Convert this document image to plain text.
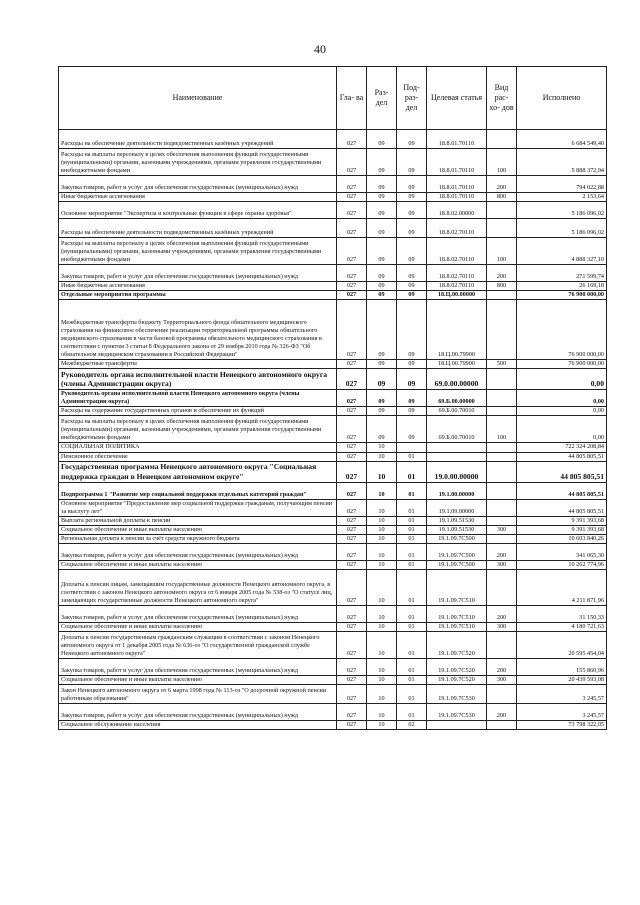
40
Наименование	Гла- ва	Раз- дел	Под- раз- дел	Целевая статья	Вид рас- хо- дов	Исполнено
Расходы на обеспечение деятельности подведомственных казённых учреждений	027	09	09	18.8.01.70110		6 684 549,40
Расходы на выплаты персоналу в целях обеспечения выполнения функций государственными (муниципальными) органами, казенными учреждениями, органами управления государственными внебюджетными фондами	027	09	09	18.8.01.70110	100	5 888 372,94
Закупка товаров, работ и услуг для обеспечения государственных (муниципальных) нужд	027	09	09	18.8.01.70110	200	794 022,88
Иные бюджетные ассигнования	027	09	09	18.8.01.70110	800	2 153,64
Основное мероприятие "Экспертиза и контрольные функции в сфере охраны здоровья"	027	09	09	18.8.02.00000		5 186 096,02
Расходы на обеспечение деятельности подведомственных казённых учреждений	027	09	09	18.8.02.70110		5 186 096,02
Расходы на выплаты персоналу в целях обеспечения выполнения функций государственными (муниципальными) органами, казенными учреждениями, органами управления государственными внебюджетными фондами	027	09	09	18.8.02.70110	100	4 888 327,10
Закупка товаров, работ и услуг для обеспечения государственных (муниципальных) нужд	027	09	09	18.8.02.70110	200	271 599,74
Иные бюджетные ассигнования	027	09	09	18.8.02.70110	800	26 169,18
Отдельные мероприятия программы	027	09	09	18.Ц.00.00000		76 900 000,00
Межбюджетные трансферты бюджету Территориального фонда обязательного медицинского страхования на финансовое обеспечение реализации территориальной программы обязательного медицинского страхования в части базовой программы обязательного медицинского страхования в соответствии с пунктом 3 статьи 8 Федерального закона от 29 ноября 2010 года № 326-ФЗ "Об обязательном медицинском страховании в Российской Федерации"	027	09	09	18.Ц.00.79900		76 900 000,00
Межбюджетные трансферты	027	09	09	18.Ц.00.79900	500	76 900 000,00
Руководитель органа исполнительной власти Ненецкого автономного округа (члены Администрации округа)	027	09	09	69.0.00.00000		0,00
Руководитель органа исполнительной власти Ненецкого автономного округа (члены Администрации округа)	027	09	09	69.Б.00.00000		0,00
Расходы на содержание государственных органов и обеспечение их функций	027	09	09	69.Б.00.70010		0,00
Расходы на выплаты персоналу в целях обеспечения выполнения функций государственными (муниципальными) органами, казенными учреждениями, органами управления государственными внебюджетными фондами	027	09	09	69.Б.00.70010	100	0,00
СОЦИАЛЬНАЯ ПОЛИТИКА	027	10				722 324 208,84
Пенсионное обеспечение	027	10	01			44 805 805,51
Государственная программа Ненецкого автономного округа "Социальная поддержка граждан в Ненецком автономном округе"	027	10	01	19.0.00.00000		44 805 805,51
Подпрограмма 1 "Развитие мер социальной поддержки отдельных категорий граждан"	027	10	01	19.1.00.00000		44 805 805,51
Основное мероприятие "Предоставление мер социальной поддержки гражданам, получающим пенсии за выслугу лет"	027	10	01	19.1.09.00000		44 805 805,51
Выплата региональной доплаты к пенсии	027	10	01	19.1.09.51530		9 391 393,68
Социальное обеспечение и иные выплаты населению	027	10	01	19.1.09.51530	300	9 391 393,68
Региональная доплата к пенсии за счёт средств окружного бюджета	027	10	01	19.1.09.7С500		10 603 840,26
Закупка товаров, работ и услуг для обеспечения государственных (муниципальных) нужд	027	10	01	19.1.09.7С500	200	341 065,30
Социальное обеспечение и иные выплаты населению	027	10	01	19.1.09.7С500	300	10 262 774,96
Доплаты к пенсии лицам, замещавшим государственные должности Ненецкого автономного округа, в соответствии с законом Ненецкого автономного округа от 6 января 2005 года № 538-оз "О статусе лиц, замещающих государственные должности Ненецкого автономного округа"	027	10	01	19.1.09.7С510		4 211 871,96
Закупка товаров, работ и услуг для обеспечения государственных (муниципальных) нужд	027	10	01	19.1.09.7С510	200	31 150,33
Социальное обеспечение и иные выплаты населению	027	10	01	19.1.09.7С510	300	4 180 721,63
Доплаты к пенсии государственным гражданским служащим в соответствии с законом Ненецкого автономного округа от 1 декабря 2005 года № 636-оз "О государственной гражданской службе Ненецкого автономного округа"	027	10	01	19.1.09.7С520		20 595 454,04
Закупка товаров, работ и услуг для обеспечения государственных (муниципальных) нужд	027	10	01	19.1.09.7С520	200	155 860,96
Социальное обеспечение и иные выплаты населению	027	10	01	19.1.09.7С520	300	20 439 593,08
Закон Ненецкого автономного округа от 6 марта 1998 года № 113-оз "О досрочной окружной пенсии работникам образования"	027	10	01	19.1.09.7С530		3 245,57
Закупка товаров, работ и услуг для обеспечения государственных (муниципальных) нужд	027	10	01	19.1.09.7С530	200	3 245,57
Социальное обслуживание населения	027	10	02			73 798 322,05
